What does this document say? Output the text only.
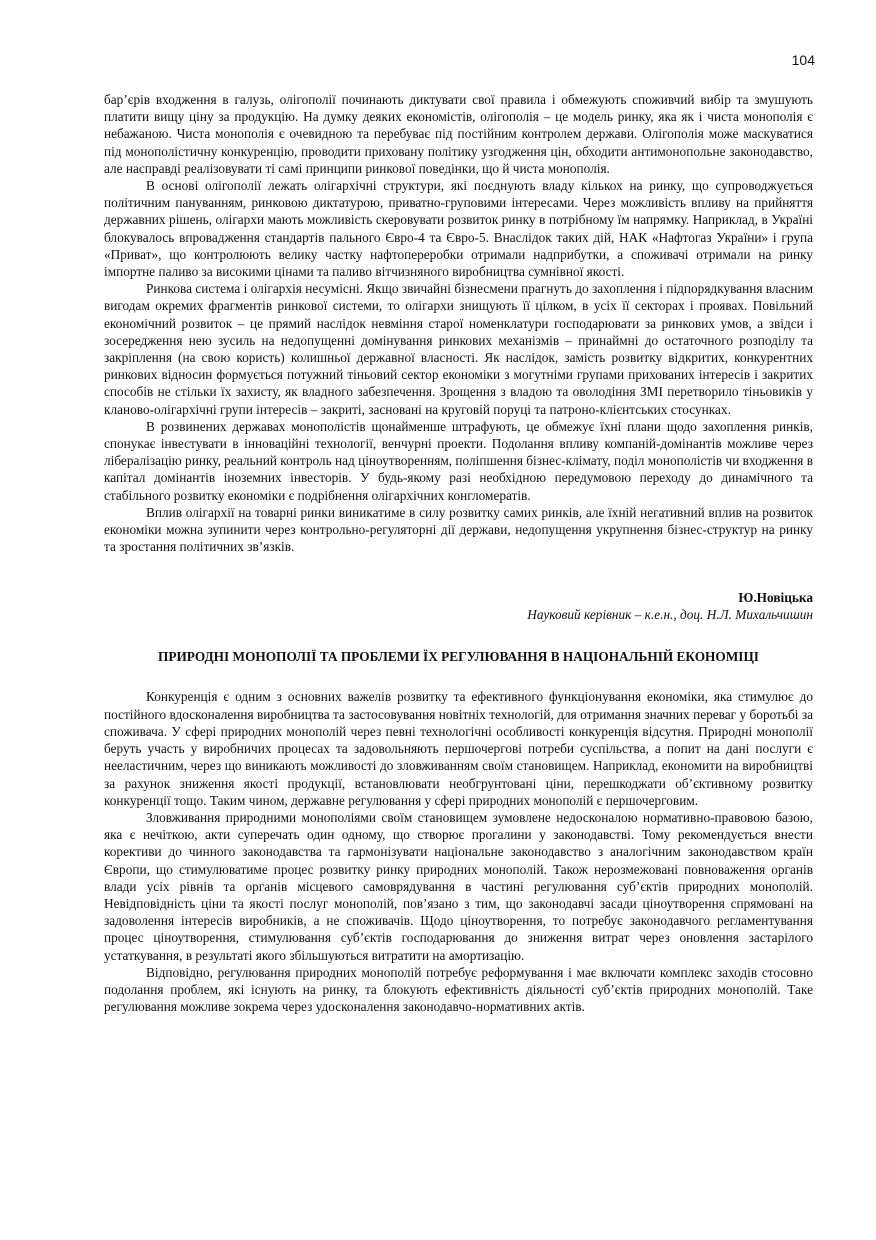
104

бар’єрів входження в галузь, олігополії починають диктувати свої правила і обмежують споживчий вибір та змушують платити вищу ціну за продукцію. На думку деяких економістів, олігополія – це модель ринку, яка як і чиста монополія є небажаною. Чиста монополія є очевидною та перебуває під постійним контролем держави. Олігополія може маскуватися під монополістичну конкуренцію, проводити приховану політику узгодження цін, обходити антимонопольне законодавство, але насправді реалізовувати ті самі принципи ринкової поведінки, що й чиста монополія.

В основі олігополії лежать олігархічні структури, які поєднують владу кількох на ринку, що супроводжується політичним пануванням, ринковою диктатурою, приватно-груповими інтересами. Через можливість впливу на прийняття державних рішень, олігархи мають можливість скеровувати розвиток ринку в потрібному їм напрямку. Наприклад, в Україні блокувалось впровадження стандартів пального Євро-4 та Євро-5. Внаслідок таких дій, НАК «Нафтогаз України» і група «Приват», що контролюють велику частку нафтопереробки отримали надприбутки, а споживачі отримали на ринку імпортне паливо за високими цінами та паливо вітчизняного виробництва сумнівної якості.

Ринкова система і олігархія несумісні. Якщо звичайні бізнесмени прагнуть до захоплення і підпорядкування власним вигодам окремих фрагментів ринкової системи, то олігархи знищують її цілком, в усіх її секторах і проявах. Повільний економічний розвиток – це прямий наслідок невміння старої номенклатури господарювати за ринкових умов, а звідси і зосередження нею зусиль на недопущенні домінування ринкових механізмів – принаймні до остаточного розподілу та закріплення (на свою користь) колишньої державної власності. Як наслідок, замість розвитку відкритих, конкурентних ринкових відносин формується потужний тіньовий сектор економіки з могутніми групами прихованих інтересів і закритих способів не стільки їх захисту, як владного забезпечення. Зрощення з владою та оволодіння ЗМІ перетворило тіньовиків у кланово-олігархічні групи інтересів – закриті, засновані на круговій поруці та патроно-клієнтських стосунках.

В розвинених державах монополістів щонайменше штрафують, це обмежує їхні плани щодо захоплення ринків, спонукає інвестувати в інноваційні технології, венчурні проекти. Подолання впливу компаній-домінантів можливе через лібералізацію ринку, реальний контроль над ціноутворенням, поліпшення бізнес-клімату, поділ монополістів чи входження в капітал домінантів іноземних інвесторів. У будь-якому разі необхідною передумовою переходу до динамічного та стабільного розвитку економіки є подрібнення олігархічних конгломератів.

Вплив олігархії на товарні ринки виникатиме в силу розвитку самих ринків, але їхній негативний вплив на розвиток економіки можна зупинити через контрольно-регуляторні дії держави, недопущення укрупнення бізнес-структур на ринку та зростання політичних зв’язків.

Ю.Новіцька
Науковий керівник – к.е.н., доц. Н.Л. Михальчишин
ПРИРОДНІ МОНОПОЛІЇ ТА ПРОБЛЕМИ ЇХ РЕГУЛЮВАННЯ В НАЦІОНАЛЬНІЙ ЕКОНОМІЦІ

Конкуренція є одним з основних важелів розвитку та ефективного функціонування економіки, яка стимулює до постійного вдосконалення виробництва та застосовування новітніх технологій, для отримання значних переваг у боротьбі за споживача. У сфері природних монополій через певні технологічні особливості конкуренція відсутня. Природні монополії беруть участь у виробничих процесах та задовольняють першочергові потреби суспільства, а попит на дані послуги є нееластичним, через що виникають можливості до зловживанням своїм становищем. Наприклад, економити на виробництві за рахунок зниження якості продукції, встановлювати необгрунтовані ціни, перешкоджати об’єктивному розвитку конкуренції тощо. Таким чином, державне регулювання у сфері природних монополій є першочерговим.

Зловживання природними монополіями своїм становищем зумовлене недосконалою нормативно-правовою базою, яка є нечіткою, акти суперечать один одному, що створює прогалини у законодавстві. Тому рекомендується внести корективи до чинного законодавства та гармонізувати національне законодавство з аналогічним законодавством країн Європи, що стимулюватиме процес розвитку ринку природних монополій. Також нерозмежовані повноваження органів влади усіх рівнів та органів місцевого самоврядування в частині регулювання суб’єктів природних монополій. Невідповідність ціни та якості послуг монополій, пов’язано з тим, що законодавчі засади ціноутворення спрямовані на задоволення інтересів виробників, а не споживачів. Щодо ціноутворення, то потребує законодавчого регламентування процес ціноутворення, стимулювання суб’єктів господарювання до зниження витрат через оновлення застарілого устаткування, в результаті якого збільшуються витратити на амортизацію.

Відповідно, регулювання природних монополій потребує реформування і має включати комплекс заходів стосовно подолання проблем, які існують на ринку, та блокують ефективність діяльності суб’єктів природних монополій. Таке регулювання можливе зокрема через удосконалення законодавчо-нормативних актів.
